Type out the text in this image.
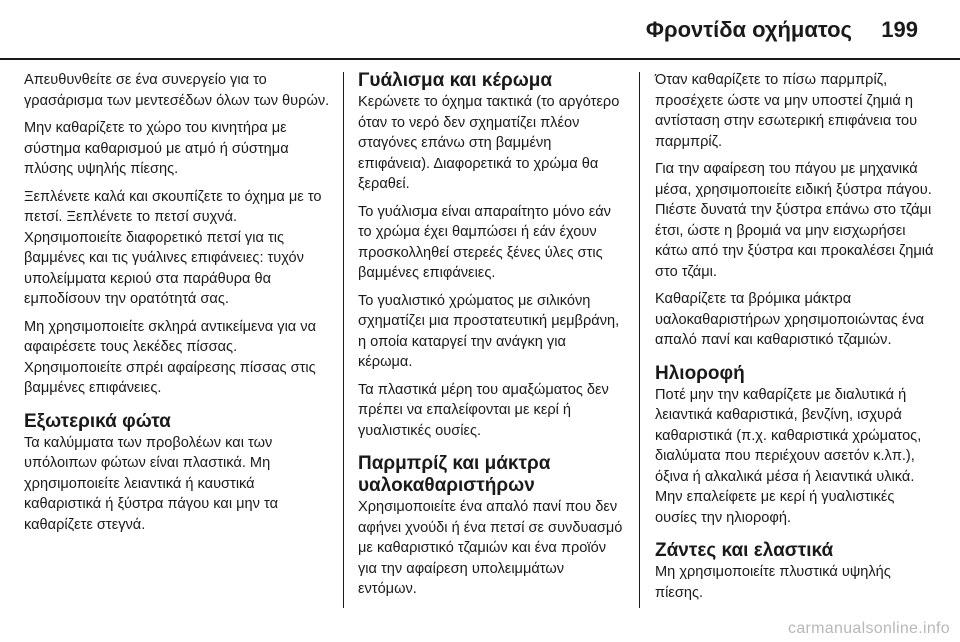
Φροντίδα οχήματος 199

Απευθυνθείτε σε ένα συνεργείο για το γρασάρισμα των μεντεσέδων όλων των θυρών.

Μην καθαρίζετε το χώρο του κινητήρα με σύστημα καθαρισμού με ατμό ή σύστημα πλύσης υψηλής πίεσης.

Ξεπλένετε καλά και σκουπίζετε το όχημα με το πετσί. Ξεπλένετε το πετσί συχνά. Χρησιμοποιείτε διαφορετικό πετσί για τις βαμμένες και τις γυάλινες επιφάνειες: τυχόν υπολείμματα κεριού στα παράθυρα θα εμποδίσουν την ορατότητά σας.

Μη χρησιμοποιείτε σκληρά αντικείμενα για να αφαιρέσετε τους λεκέδες πίσσας. Χρησιμοποιείτε σπρέι αφαίρεσης πίσσας στις βαμμένες επιφάνειες.

Εξωτερικά φώτα

Τα καλύμματα των προβολέων και των υπόλοιπων φώτων είναι πλαστικά. Μη χρησιμοποιείτε λειαντικά ή καυστικά καθαριστικά ή ξύστρα πάγου και μην τα καθαρίζετε στεγνά.

Γυάλισμα και κέρωμα

Κερώνετε το όχημα τακτικά (το αργότερο όταν το νερό δεν σχηματίζει πλέον σταγόνες επάνω στη βαμμένη επιφάνεια). Διαφορετικά το χρώμα θα ξεραθεί.

Το γυάλισμα είναι απαραίτητο μόνο εάν το χρώμα έχει θαμπώσει ή εάν έχουν προσκολληθεί στερεές ξένες ύλες στις βαμμένες επιφάνειες.

Το γυαλιστικό χρώματος με σιλικόνη σχηματίζει μια προστατευτική μεμβράνη, η οποία καταργεί την ανάγκη για κέρωμα.

Τα πλαστικά μέρη του αμαξώματος δεν πρέπει να επαλείφονται με κερί ή γυαλιστικές ουσίες.

Παρμπρίζ και μάκτρα υαλοκαθαριστήρων

Χρησιμοποιείτε ένα απαλό πανί που δεν αφήνει χνούδι ή ένα πετσί σε συνδυασμό με καθαριστικό τζαμιών και ένα προϊόν για την αφαίρεση υπολειμμάτων εντόμων.

Όταν καθαρίζετε το πίσω παρμπρίζ, προσέχετε ώστε να μην υποστεί ζημιά η αντίσταση στην εσωτερική επιφάνεια του παρμπρίζ.

Για την αφαίρεση του πάγου με μηχανικά μέσα, χρησιμοποιείτε ειδική ξύστρα πάγου. Πιέστε δυνατά την ξύστρα επάνω στο τζάμι έτσι, ώστε η βρομιά να μην εισχωρήσει κάτω από την ξύστρα και προκαλέσει ζημιά στο τζάμι.

Καθαρίζετε τα βρόμικα μάκτρα υαλοκαθαριστήρων χρησιμοποιώντας ένα απαλό πανί και καθαριστικό τζαμιών.

Ηλιοροφή

Ποτέ μην την καθαρίζετε με διαλυτικά ή λειαντικά καθαριστικά, βενζίνη, ισχυρά καθαριστικά (π.χ. καθαριστικά χρώματος, διαλύματα που περιέχουν ασετόν κ.λπ.), όξινα ή αλκαλικά μέσα ή λειαντικά υλικά. Μην επαλείφετε με κερί ή γυαλιστικές ουσίες την ηλιοροφή.

Ζάντες και ελαστικά

Μη χρησιμοποιείτε πλυστικά υψηλής πίεσης.

carmanualsonline.info
